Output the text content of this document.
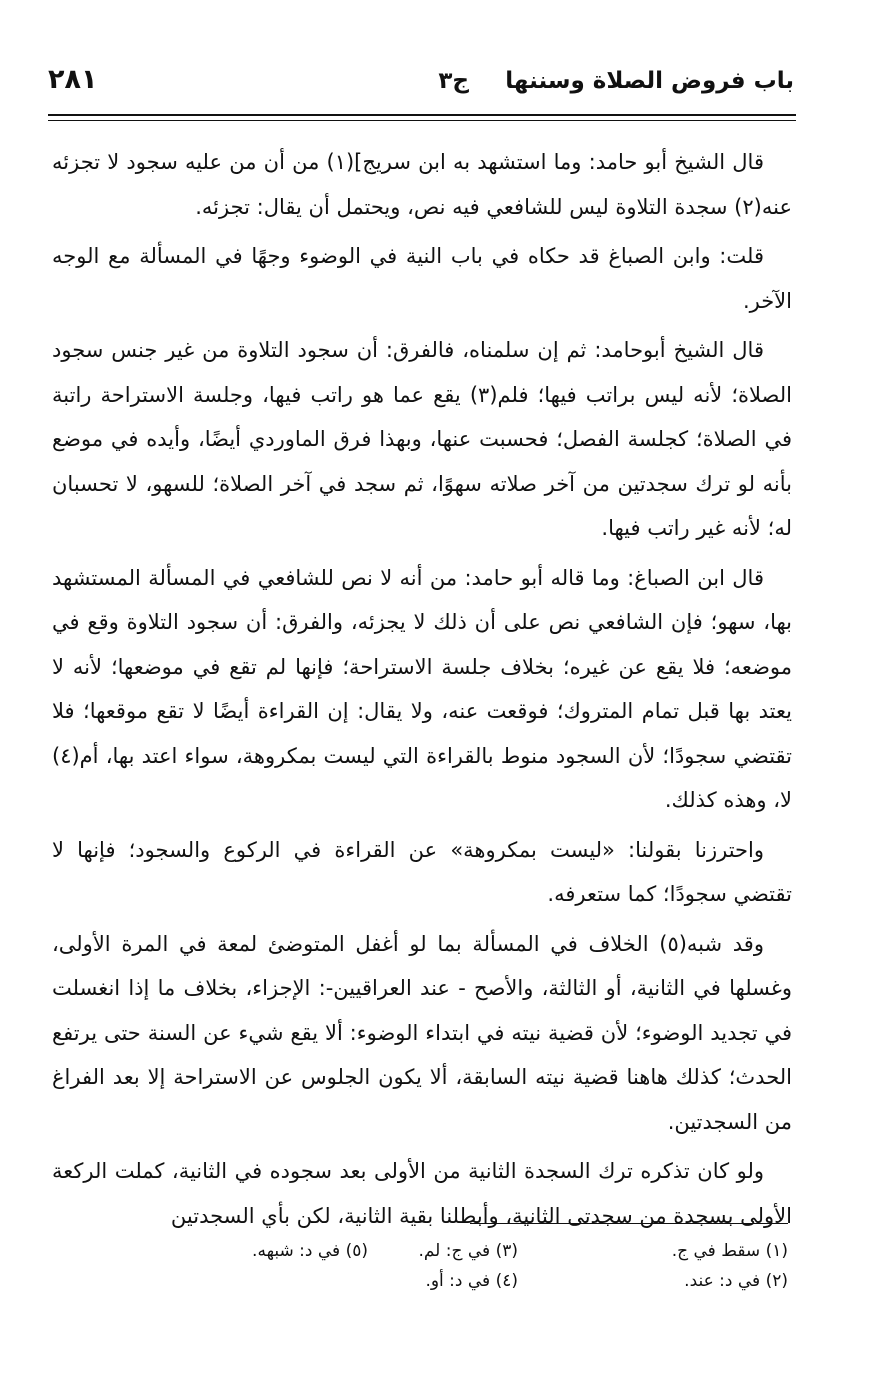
باب فروض الصلاة وسننها
ج٣
٢٨١

قال الشيخ أبو حامد: وما استشهد به ابن سريج](١) من أن من عليه سجود لا تجزئه عنه(٢) سجدة التلاوة ليس للشافعي فيه نص، ويحتمل أن يقال: تجزئه.

قلت: وابن الصباغ قد حكاه في باب النية في الوضوء وجهًا في المسألة مع الوجه الآخر.

قال الشيخ أبوحامد: ثم إن سلمناه، فالفرق: أن سجود التلاوة من غير جنس سجود الصلاة؛ لأنه ليس براتب فيها؛ فلم(٣) يقع عما هو راتب فيها، وجلسة الاستراحة راتبة في الصلاة؛ كجلسة الفصل؛ فحسبت عنها، وبهذا فرق الماوردي أيضًا، وأيده في موضع بأنه لو ترك سجدتين من آخر صلاته سهوًا، ثم سجد في آخر الصلاة؛ للسهو، لا تحسبان له؛ لأنه غير راتب فيها.

قال ابن الصباغ: وما قاله أبو حامد: من أنه لا نص للشافعي في المسألة المستشهد بها، سهو؛ فإن الشافعي نص على أن ذلك لا يجزئه، والفرق: أن سجود التلاوة وقع في موضعه؛ فلا يقع عن غيره؛ بخلاف جلسة الاستراحة؛ فإنها لم تقع في موضعها؛ لأنه لا يعتد بها قبل تمام المتروك؛ فوقعت عنه، ولا يقال: إن القراءة أيضًا لا تقع موقعها؛ فلا تقتضي سجودًا؛ لأن السجود منوط بالقراءة التي ليست بمكروهة، سواء اعتد بها، أم(٤) لا، وهذه كذلك.

واحترزنا بقولنا: «ليست بمكروهة» عن القراءة في الركوع والسجود؛ فإنها لا تقتضي سجودًا؛ كما ستعرفه.

وقد شبه(٥) الخلاف في المسألة بما لو أغفل المتوضئ لمعة في المرة الأولى، وغسلها في الثانية، أو الثالثة، والأصح - عند العراقيين-: الإجزاء، بخلاف ما إذا انغسلت في تجديد الوضوء؛ لأن قضية نيته في ابتداء الوضوء: ألا يقع شيء عن السنة حتى يرتفع الحدث؛ كذلك هاهنا قضية نيته السابقة، ألا يكون الجلوس عن الاستراحة إلا بعد الفراغ من السجدتين.

ولو كان تذكره ترك السجدة الثانية من الأولى بعد سجوده في الثانية، كملت الركعة الأولى بسجدة من سجدتى الثانية، وأبطلنا بقية الثانية، لكن بأي السجدتين

(١) سقط في ج.
(٢) في د: عند.
(٣) في ج: لم.
(٤) في د: أو.
(٥) في د: شبهه.
